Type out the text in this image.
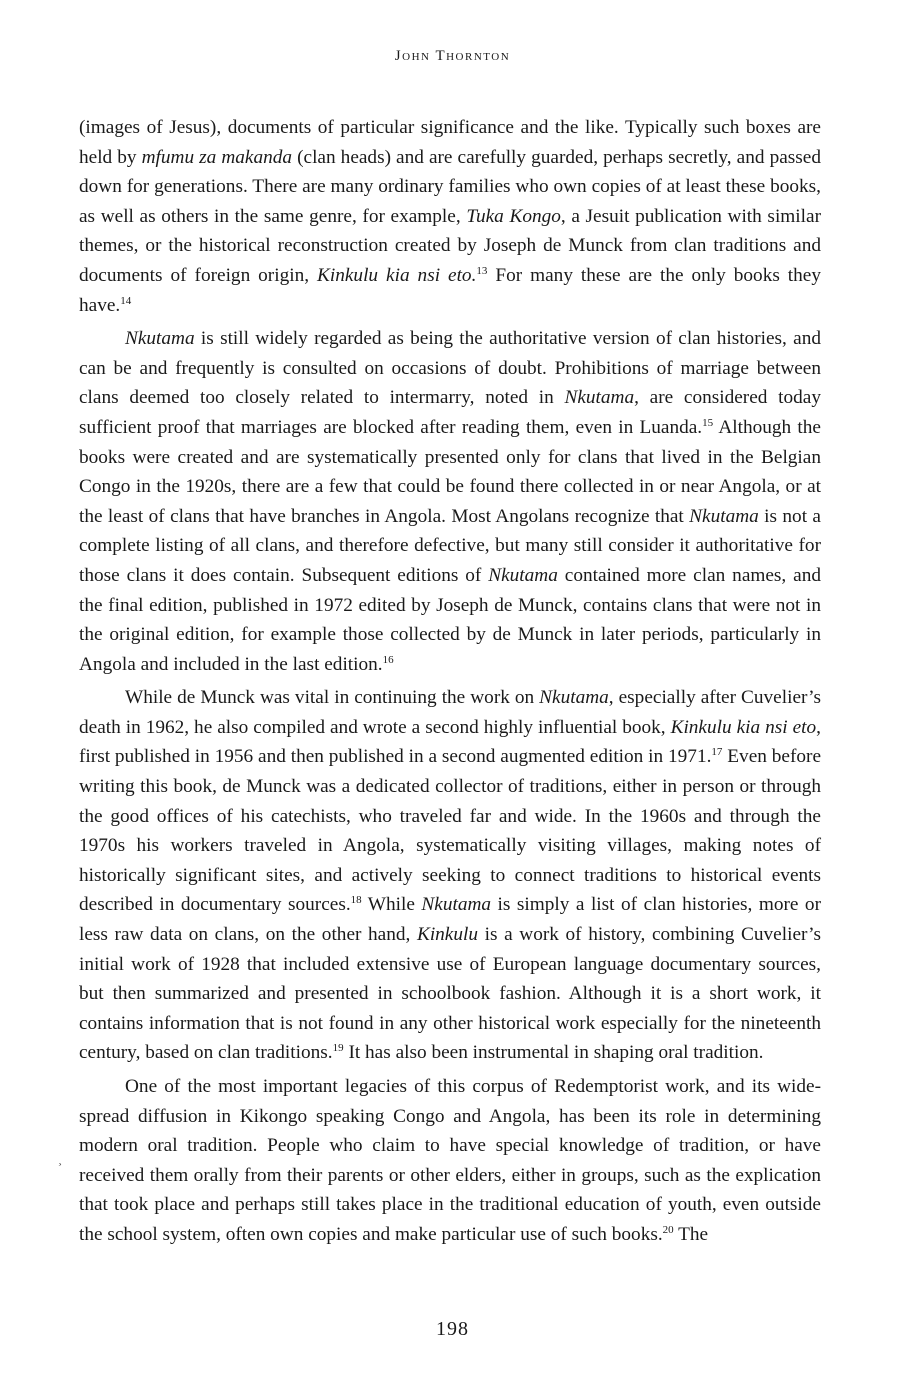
John Thornton

(images of Jesus), documents of particular significance and the like. Typically such boxes are held by mfumu za makanda (clan heads) and are carefully guarded, perhaps secretly, and passed down for generations. There are many ordinary families who own copies of at least these books, as well as others in the same genre, for example, Tuka Kongo, a Jesuit publication with similar themes, or the historical reconstruction created by Joseph de Munck from clan traditions and documents of foreign origin, Kinkulu kia nsi eto.$^{13}$ For many these are the only books they have.$^{14}$

Nkutama is still widely regarded as being the authoritative version of clan histories, and can be and frequently is consulted on occasions of doubt. Prohibitions of marriage between clans deemed too closely related to intermarry, noted in Nkutama, are considered today sufficient proof that marriages are blocked after reading them, even in Luanda.$^{15}$ Although the books were created and are systematically presented only for clans that lived in the Belgian Congo in the 1920s, there are a few that could be found there collected in or near Angola, or at the least of clans that have branches in Angola. Most Angolans recognize that Nkutama is not a complete listing of all clans, and therefore defective, but many still consider it authoritative for those clans it does contain. Subsequent editions of Nkutama contained more clan names, and the final edition, published in 1972 edited by Joseph de Munck, contains clans that were not in the original edition, for example those collected by de Munck in later periods, particularly in Angola and included in the last edition.$^{16}$

While de Munck was vital in continuing the work on Nkutama, especially after Cuvelier’s death in 1962, he also compiled and wrote a second highly influential book, Kinkulu kia nsi eto, first published in 1956 and then published in a second augmented edition in 1971.17 Even before writing this book, de Munck was a dedicated collector of traditions, either in person or through the good offices of his catechists, who traveled far and wide. In the 1960s and through the 1970s his workers traveled in Angola, systematically visiting villages, making notes of historically significant sites, and actively seeking to connect traditions to historical events described in documentary sources.$^{18}$ While Nkutama is simply a list of clan histories, more or less raw data on clans, on the other hand, Kinkulu is a work of history, combining Cuvelier’s initial work of 1928 that included extensive use of European language documentary sources, but then summarized and presented in schoolbook fashion. Although it is a short work, it contains information that is not found in any other historical work especially for the nineteenth century, based on clan traditions.$^{19}$ It has also been instrumental in shaping oral tradition.

One of the most important legacies of this corpus of Redemptorist work, and its widespread diffusion in Kikongo speaking Congo and Angola, has been its role in determining modern oral tradition. People who claim to have special knowledge of tradition, or have received them orally from their parents or other elders, either in groups, such as the explication that took place and perhaps still takes place in the traditional education of youth, even outside the school system, often own copies and make particular use of such books.$^{20}$ The

¸
198
